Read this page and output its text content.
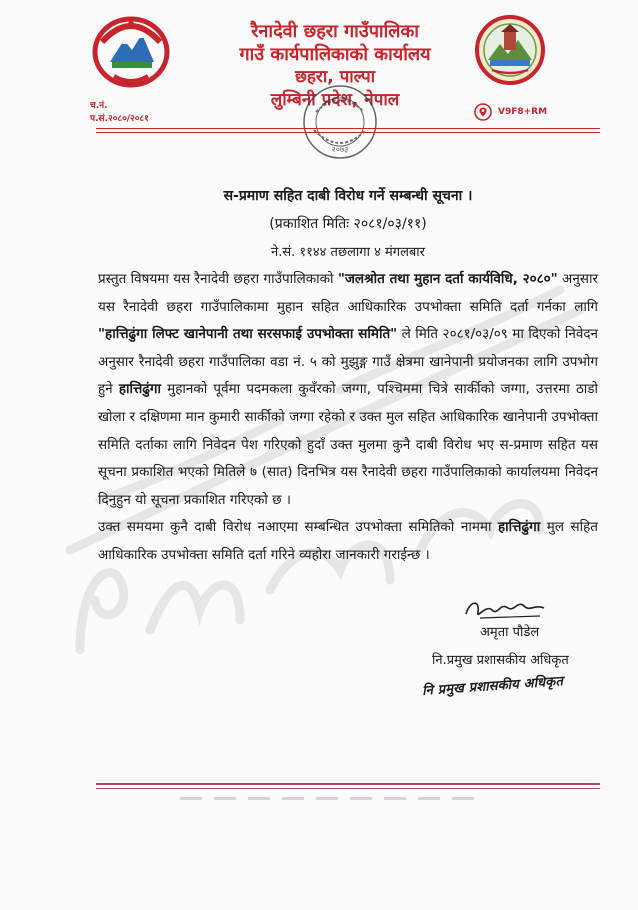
रैनादेवी छहरा गाउँपालिका
गाउँ कार्यपालिकाको कार्यालय
छहरा, पाल्पा
लुम्बिनी प्रदेश, नेपाल
च.नं.
प.सं.२०८०/२०८१
V9F8+RM
२०७३
स-प्रमाण सहित दाबी विरोध गर्ने सम्बन्धी सूचना ।
(प्रकाशित मितिः २०८१/०३/११)
ने.सं. ११४४ तछलागा ४ मंगलबार

प्रस्तुत विषयमा यस रैनादेवी छहरा गाउँपालिकाको "जलश्रोत तथा मुहान दर्ता कार्यविधि, २०८०" अनुसार यस रैनादेवी छहरा गाउँपालिकामा मुहान सहित आधिकारिक उपभोक्ता समिति दर्ता गर्नका लागि "हात्तिढुंगा लिफ्ट खानेपानी तथा सरसफाई उपभोक्ता समिति" ले मिति २०८१/०३/०९ मा दिएको निवेदन अनुसार रैनादेवी छहरा गाउँपालिका वडा नं. ५ को मुझुङ्ग गाउँ क्षेत्रमा खानेपानी प्रयोजनका लागि उपभोग हुने हात्तिढुंगा मुहानको पूर्वमा पदमकला कुवँरको जग्गा, पश्चिममा चित्रे सार्कीको जग्गा, उत्तरमा ठाडो खोला र दक्षिणमा मान कुमारी सार्कीको जग्गा रहेको र उक्त मुल सहित आधिकारिक खानेपानी उपभोक्ता समिति दर्ताका लागि निवेदन पेश गरिएको हुदाँ उक्त मुलमा कुनै दाबी विरोध भए स-प्रमाण सहित यस सूचना प्रकाशित भएको मितिले ७ (सात) दिनभित्र यस रैनादेवी छहरा गाउँपालिकाको कार्यालयमा निवेदन दिनुहुन यो सूचना प्रकाशित गरिएको छ ।

उक्त समयमा कुनै दाबी विरोध नआएमा सम्बन्धित उपभोक्ता समितिको नाममा हात्तिढुंगा मुल सहित आधिकारिक उपभोक्ता समिति दर्ता गरिने व्यहोरा जानकारी गराईन्छ ।

अमृता पौडेल
नि.प्रमुख प्रशासकीय अधिकृत
नि प्रमुख प्रशासकीय अधिकृत
